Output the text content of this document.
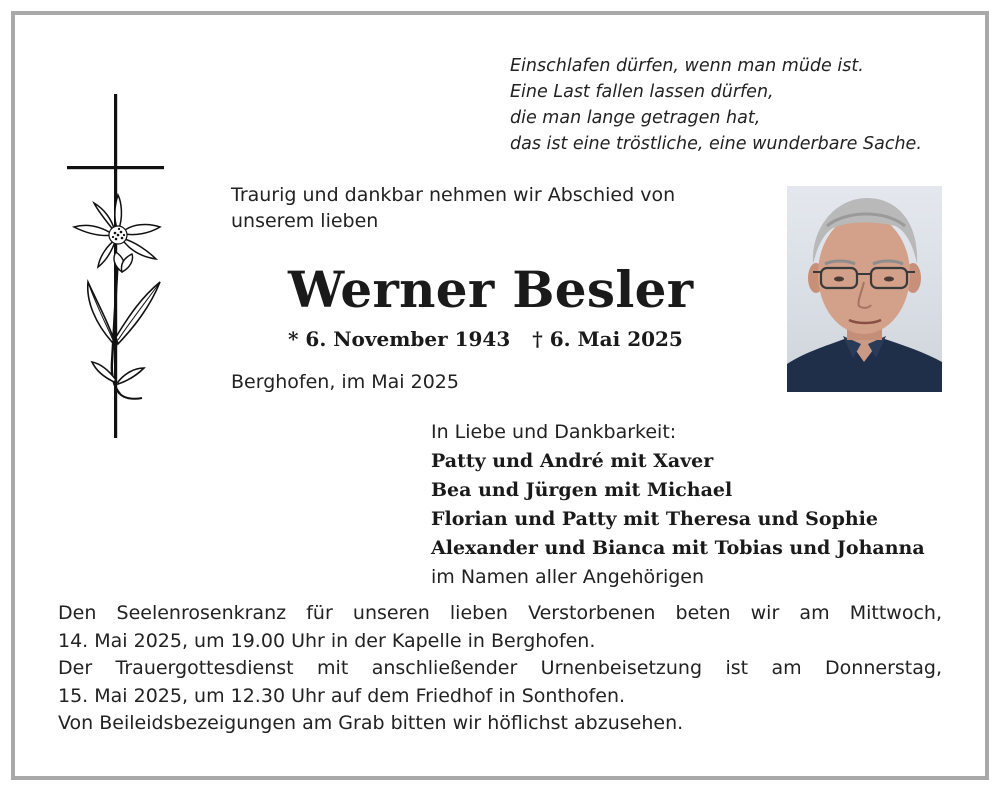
Einschlafen dürfen, wenn man müde ist.
Eine Last fallen lassen dürfen,
die man lange getragen hat,
das ist eine tröstliche, eine wunderbare Sache.
Traurig und dankbar nehmen wir Abschied von
unserem lieben
Werner Besler
* 6. November 1943 † 6. Mai 2025
Berghofen, im Mai 2025
In Liebe und Dankbarkeit:
Patty und André mit Xaver
Bea und Jürgen mit Michael
Florian und Patty mit Theresa und Sophie
Alexander und Bianca mit Tobias und Johanna
im Namen aller Angehörigen
Den Seelenrosenkranz für unseren lieben Verstorbenen beten wir am Mittwoch,
14. Mai 2025, um 19.00 Uhr in der Kapelle in Berghofen.
Der Trauergottesdienst mit anschließender Urnenbeisetzung ist am Donnerstag,
15. Mai 2025, um 12.30 Uhr auf dem Friedhof in Sonthofen.
Von Beileidsbezeigungen am Grab bitten wir höflichst abzusehen.
